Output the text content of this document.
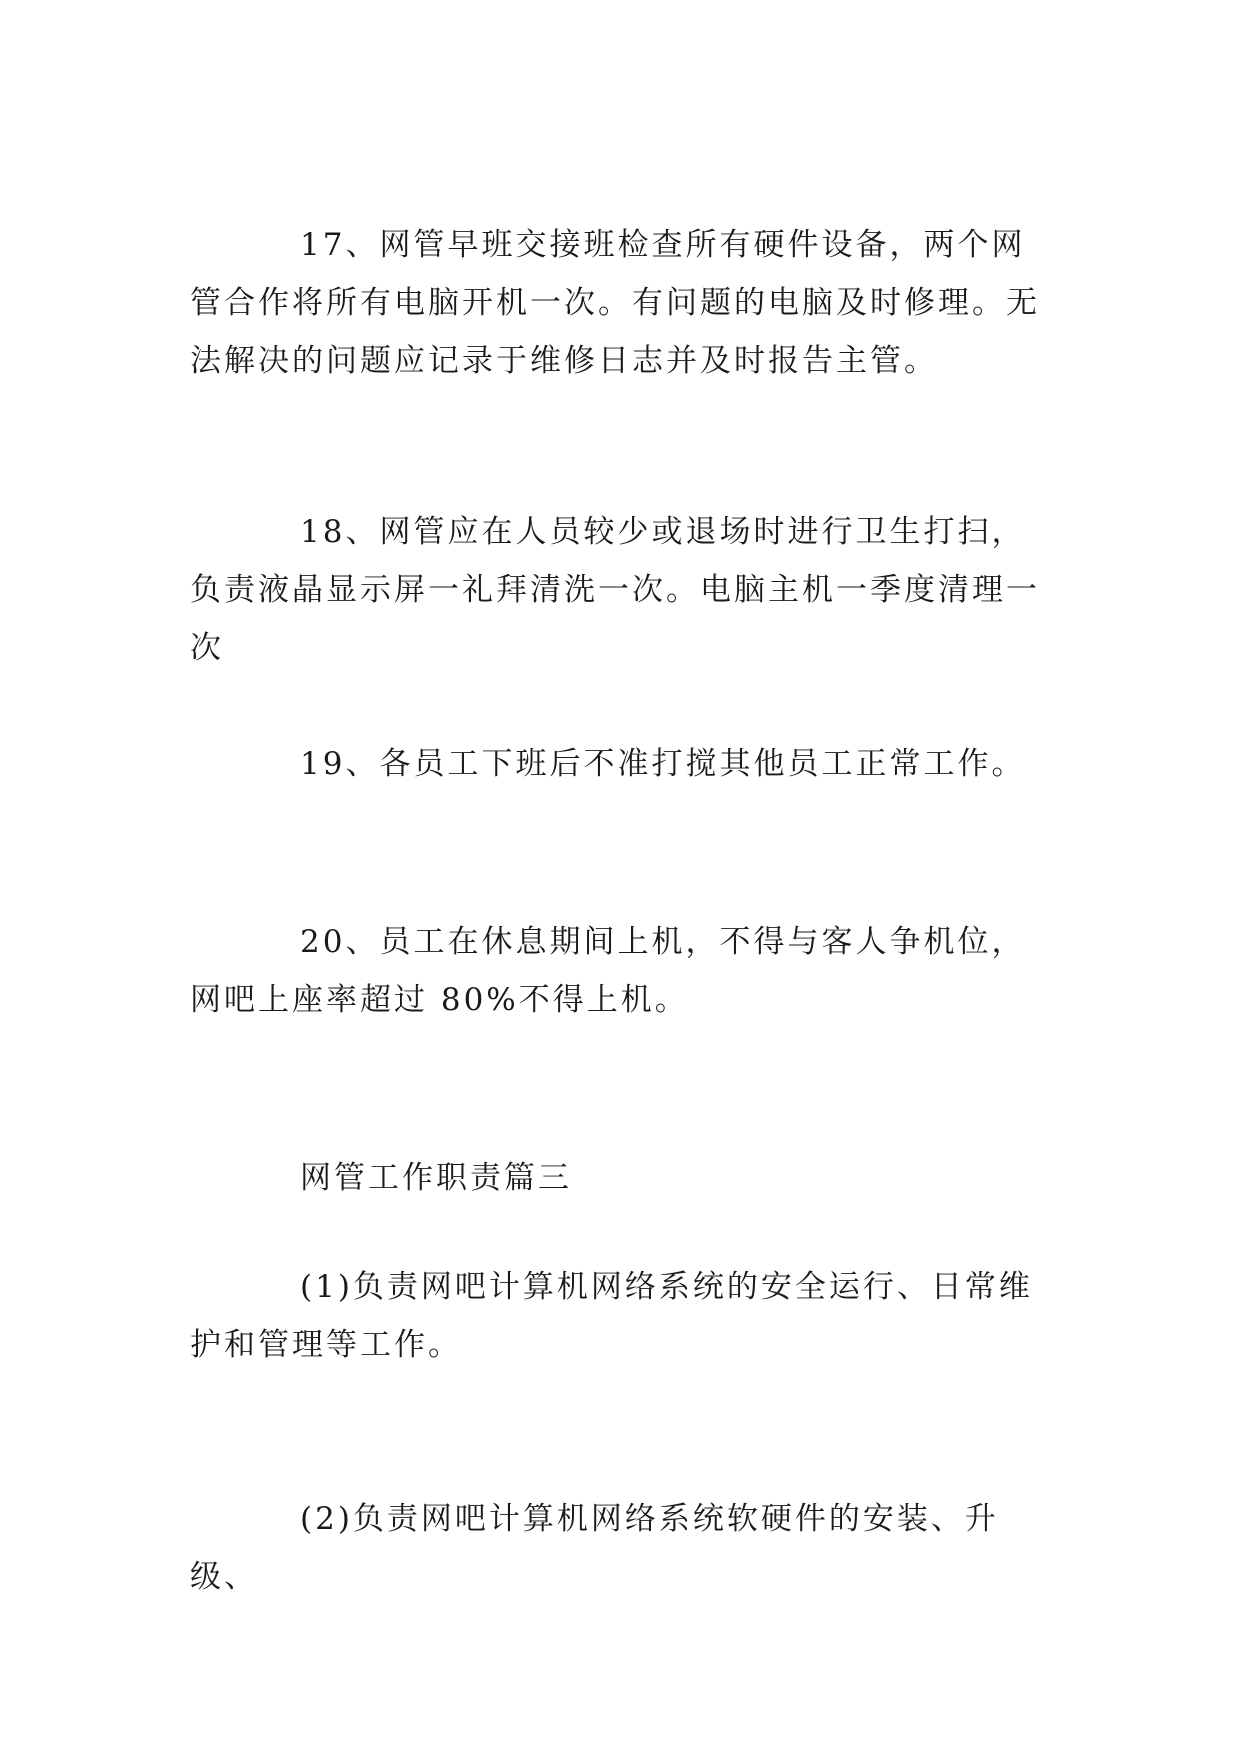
17、网管早班交接班检查所有硬件设备，两个网管合作将所有电脑开机一次。有问题的电脑及时修理。无法解决的问题应记录于维修日志并及时报告主管。

18、网管应在人员较少或退场时进行卫生打扫，负责液晶显示屏一礼拜清洗一次。电脑主机一季度清理一次

19、各员工下班后不准打搅其他员工正常工作。

20、员工在休息期间上机，不得与客人争机位，网吧上座率超过 80%不得上机。

网管工作职责篇三

(1)负责网吧计算机网络系统的安全运行、日常维护和管理等工作。

(2)负责网吧计算机网络系统软硬件的安装、升级、
